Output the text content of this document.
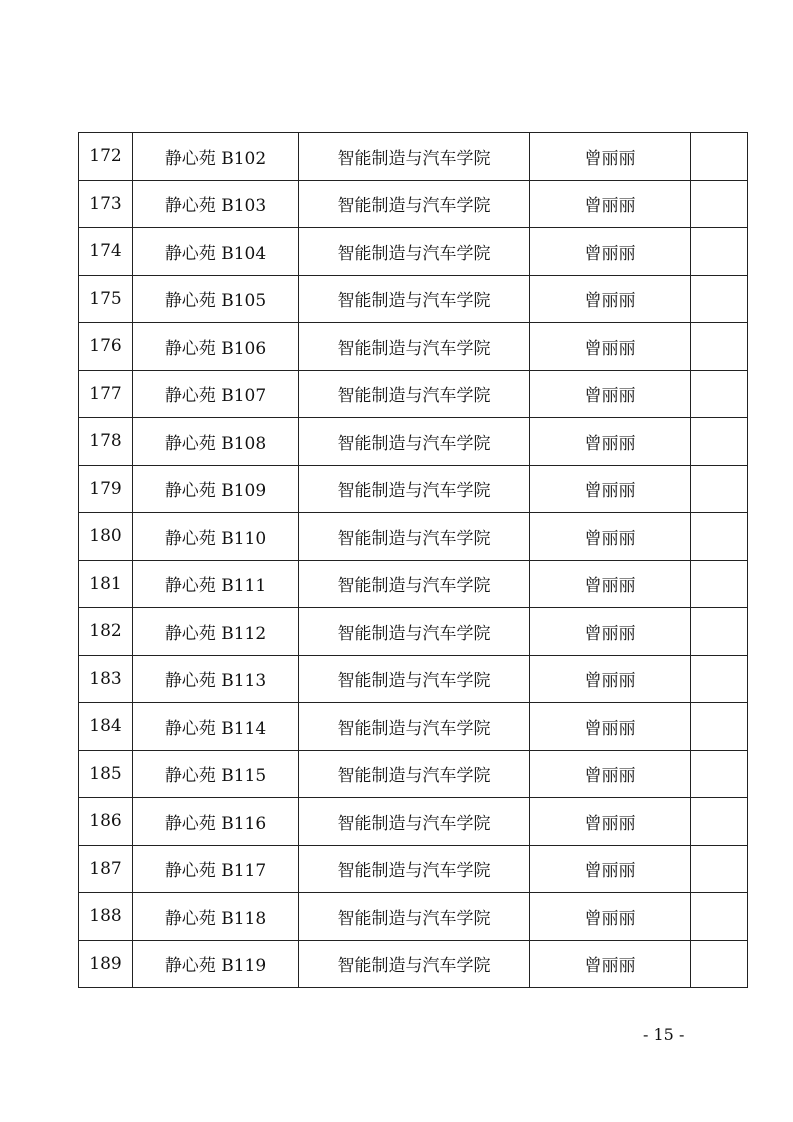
172	静心苑 B102	智能制造与汽车学院	曾丽丽	
173	静心苑 B103	智能制造与汽车学院	曾丽丽	
174	静心苑 B104	智能制造与汽车学院	曾丽丽	
175	静心苑 B105	智能制造与汽车学院	曾丽丽	
176	静心苑 B106	智能制造与汽车学院	曾丽丽	
177	静心苑 B107	智能制造与汽车学院	曾丽丽	
178	静心苑 B108	智能制造与汽车学院	曾丽丽	
179	静心苑 B109	智能制造与汽车学院	曾丽丽	
180	静心苑 B110	智能制造与汽车学院	曾丽丽	
181	静心苑 B111	智能制造与汽车学院	曾丽丽	
182	静心苑 B112	智能制造与汽车学院	曾丽丽	
183	静心苑 B113	智能制造与汽车学院	曾丽丽	
184	静心苑 B114	智能制造与汽车学院	曾丽丽	
185	静心苑 B115	智能制造与汽车学院	曾丽丽	
186	静心苑 B116	智能制造与汽车学院	曾丽丽	
187	静心苑 B117	智能制造与汽车学院	曾丽丽	
188	静心苑 B118	智能制造与汽车学院	曾丽丽	
189	静心苑 B119	智能制造与汽车学院	曾丽丽	
- 15 -
